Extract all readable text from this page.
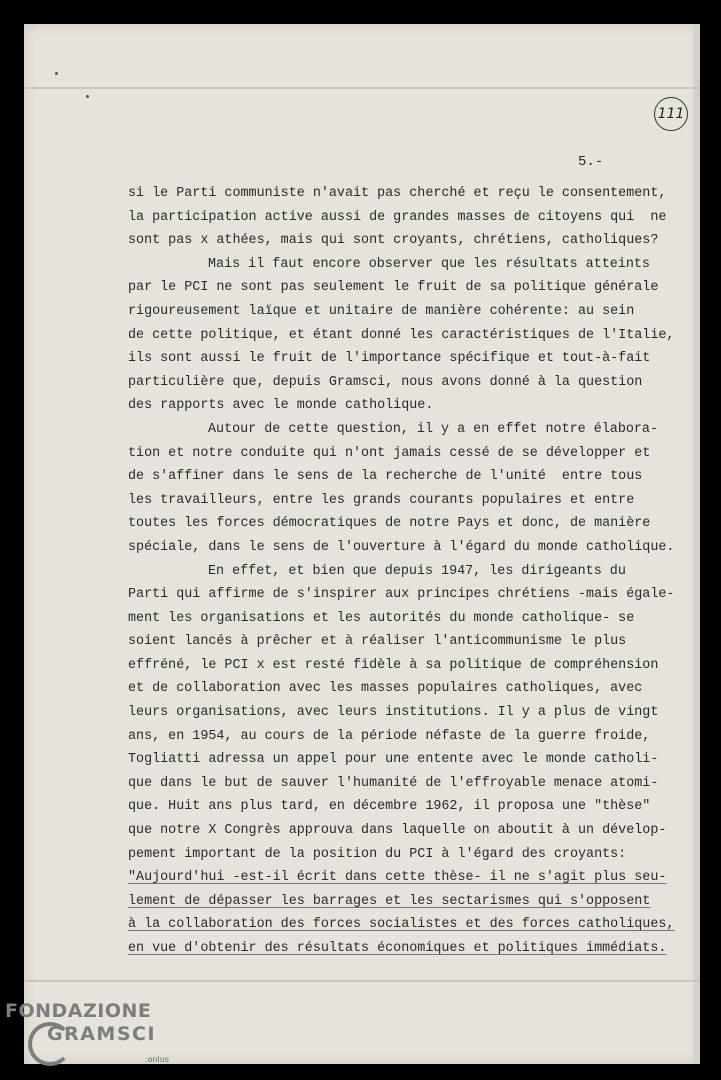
111
5.-
si le Parti communiste n'avait pas cherché et reçu le consentement,
la participation active aussi de grandes masses de citoyens qui  ne
sont pas x athées, mais qui sont croyants, chrétiens, catholiques?
Mais il faut encore observer que les résultats atteints
par le PCI ne sont pas seulement le fruit de sa politique générale
rigoureusement laïque et unitaire de manière cohérente: au sein
de cette politique, et étant donné les caractéristiques de l'Italie,
ils sont aussi le fruit de l'importance spécifique et tout-à-fait
particulière que, depuis Gramsci, nous avons donné à la question
des rapports avec le monde catholique.
Autour de cette question, il y a en effet notre élabora-
tion et notre conduite qui n'ont jamais cessé de se développer et
de s'affiner dans le sens de la recherche de l'unité  entre tous
les travailleurs, entre les grands courants populaires et entre
toutes les forces démocratiques de notre Pays et donc, de manière
spéciale, dans le sens de l'ouverture à l'égard du monde catholique.
En effet, et bien que depuis 1947, les dirigeants du
Parti qui affirme de s'inspirer aux principes chrétiens -mais égale-
ment les organisations et les autorités du monde catholique- se
soient lancés à prêcher et à réaliser l'anticommunisme le plus
effréné, le PCI x est resté fidèle à sa politique de compréhension
et de collaboration avec les masses populaires catholiques, avec
leurs organisations, avec leurs institutions. Il y a plus de vingt
ans, en 1954, au cours de la période néfaste de la guerre froide,
Togliatti adressa un appel pour une entente avec le monde catholi-
que dans le but de sauver l'humanité de l'effroyable menace atomi-
que. Huit ans plus tard, en décembre 1962, il proposa une "thèse"
que notre X Congrès approuva dans laquelle on aboutit à un dévelop-
pement important de la position du PCI à l'égard des croyants:
"Aujourd'hui -est-il écrit dans cette thèse- il ne s'agit plus seu-
lement de dépasser les barrages et les sectarismes qui s'opposent
à la collaboration des forces socialistes et des forces catholiques,
en vue d'obtenir des résultats économiques et politiques immédiats.
FONDAZIONE
GRAMSCI
.onlus
